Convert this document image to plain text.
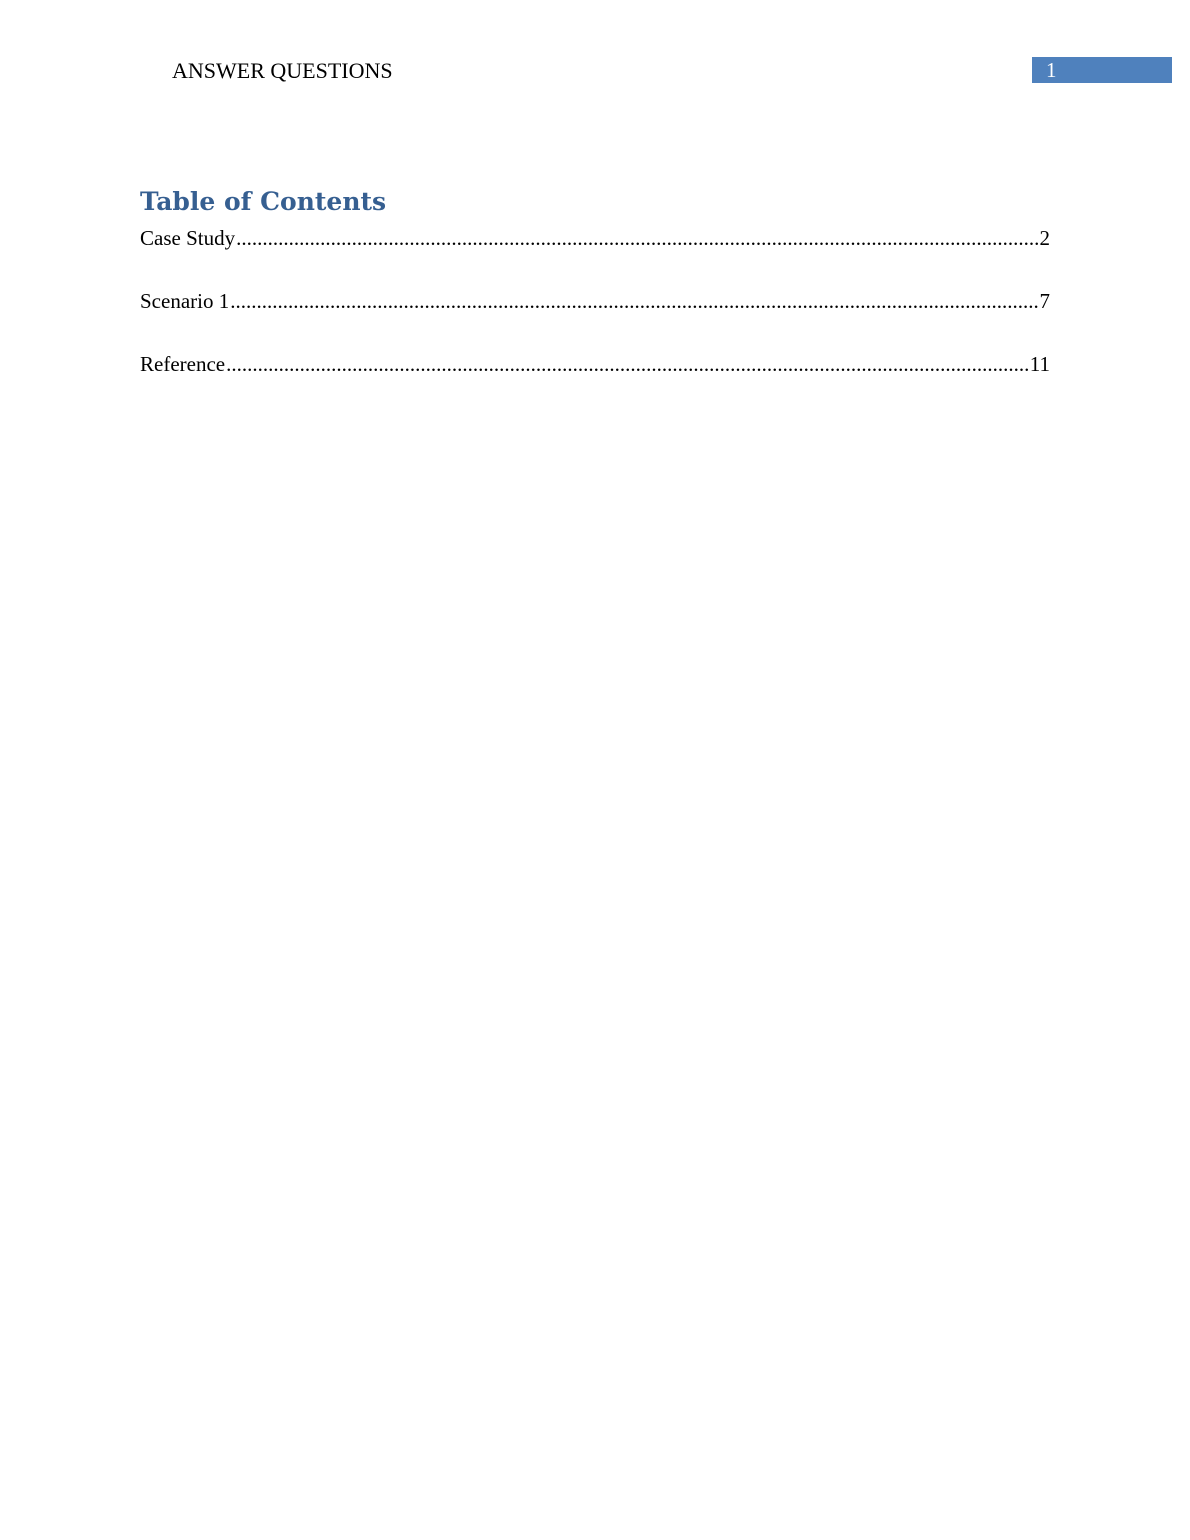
ANSWER QUESTIONS	1
Table of Contents
Case Study .....	2
Scenario 1 .....	7
Reference .....	11
